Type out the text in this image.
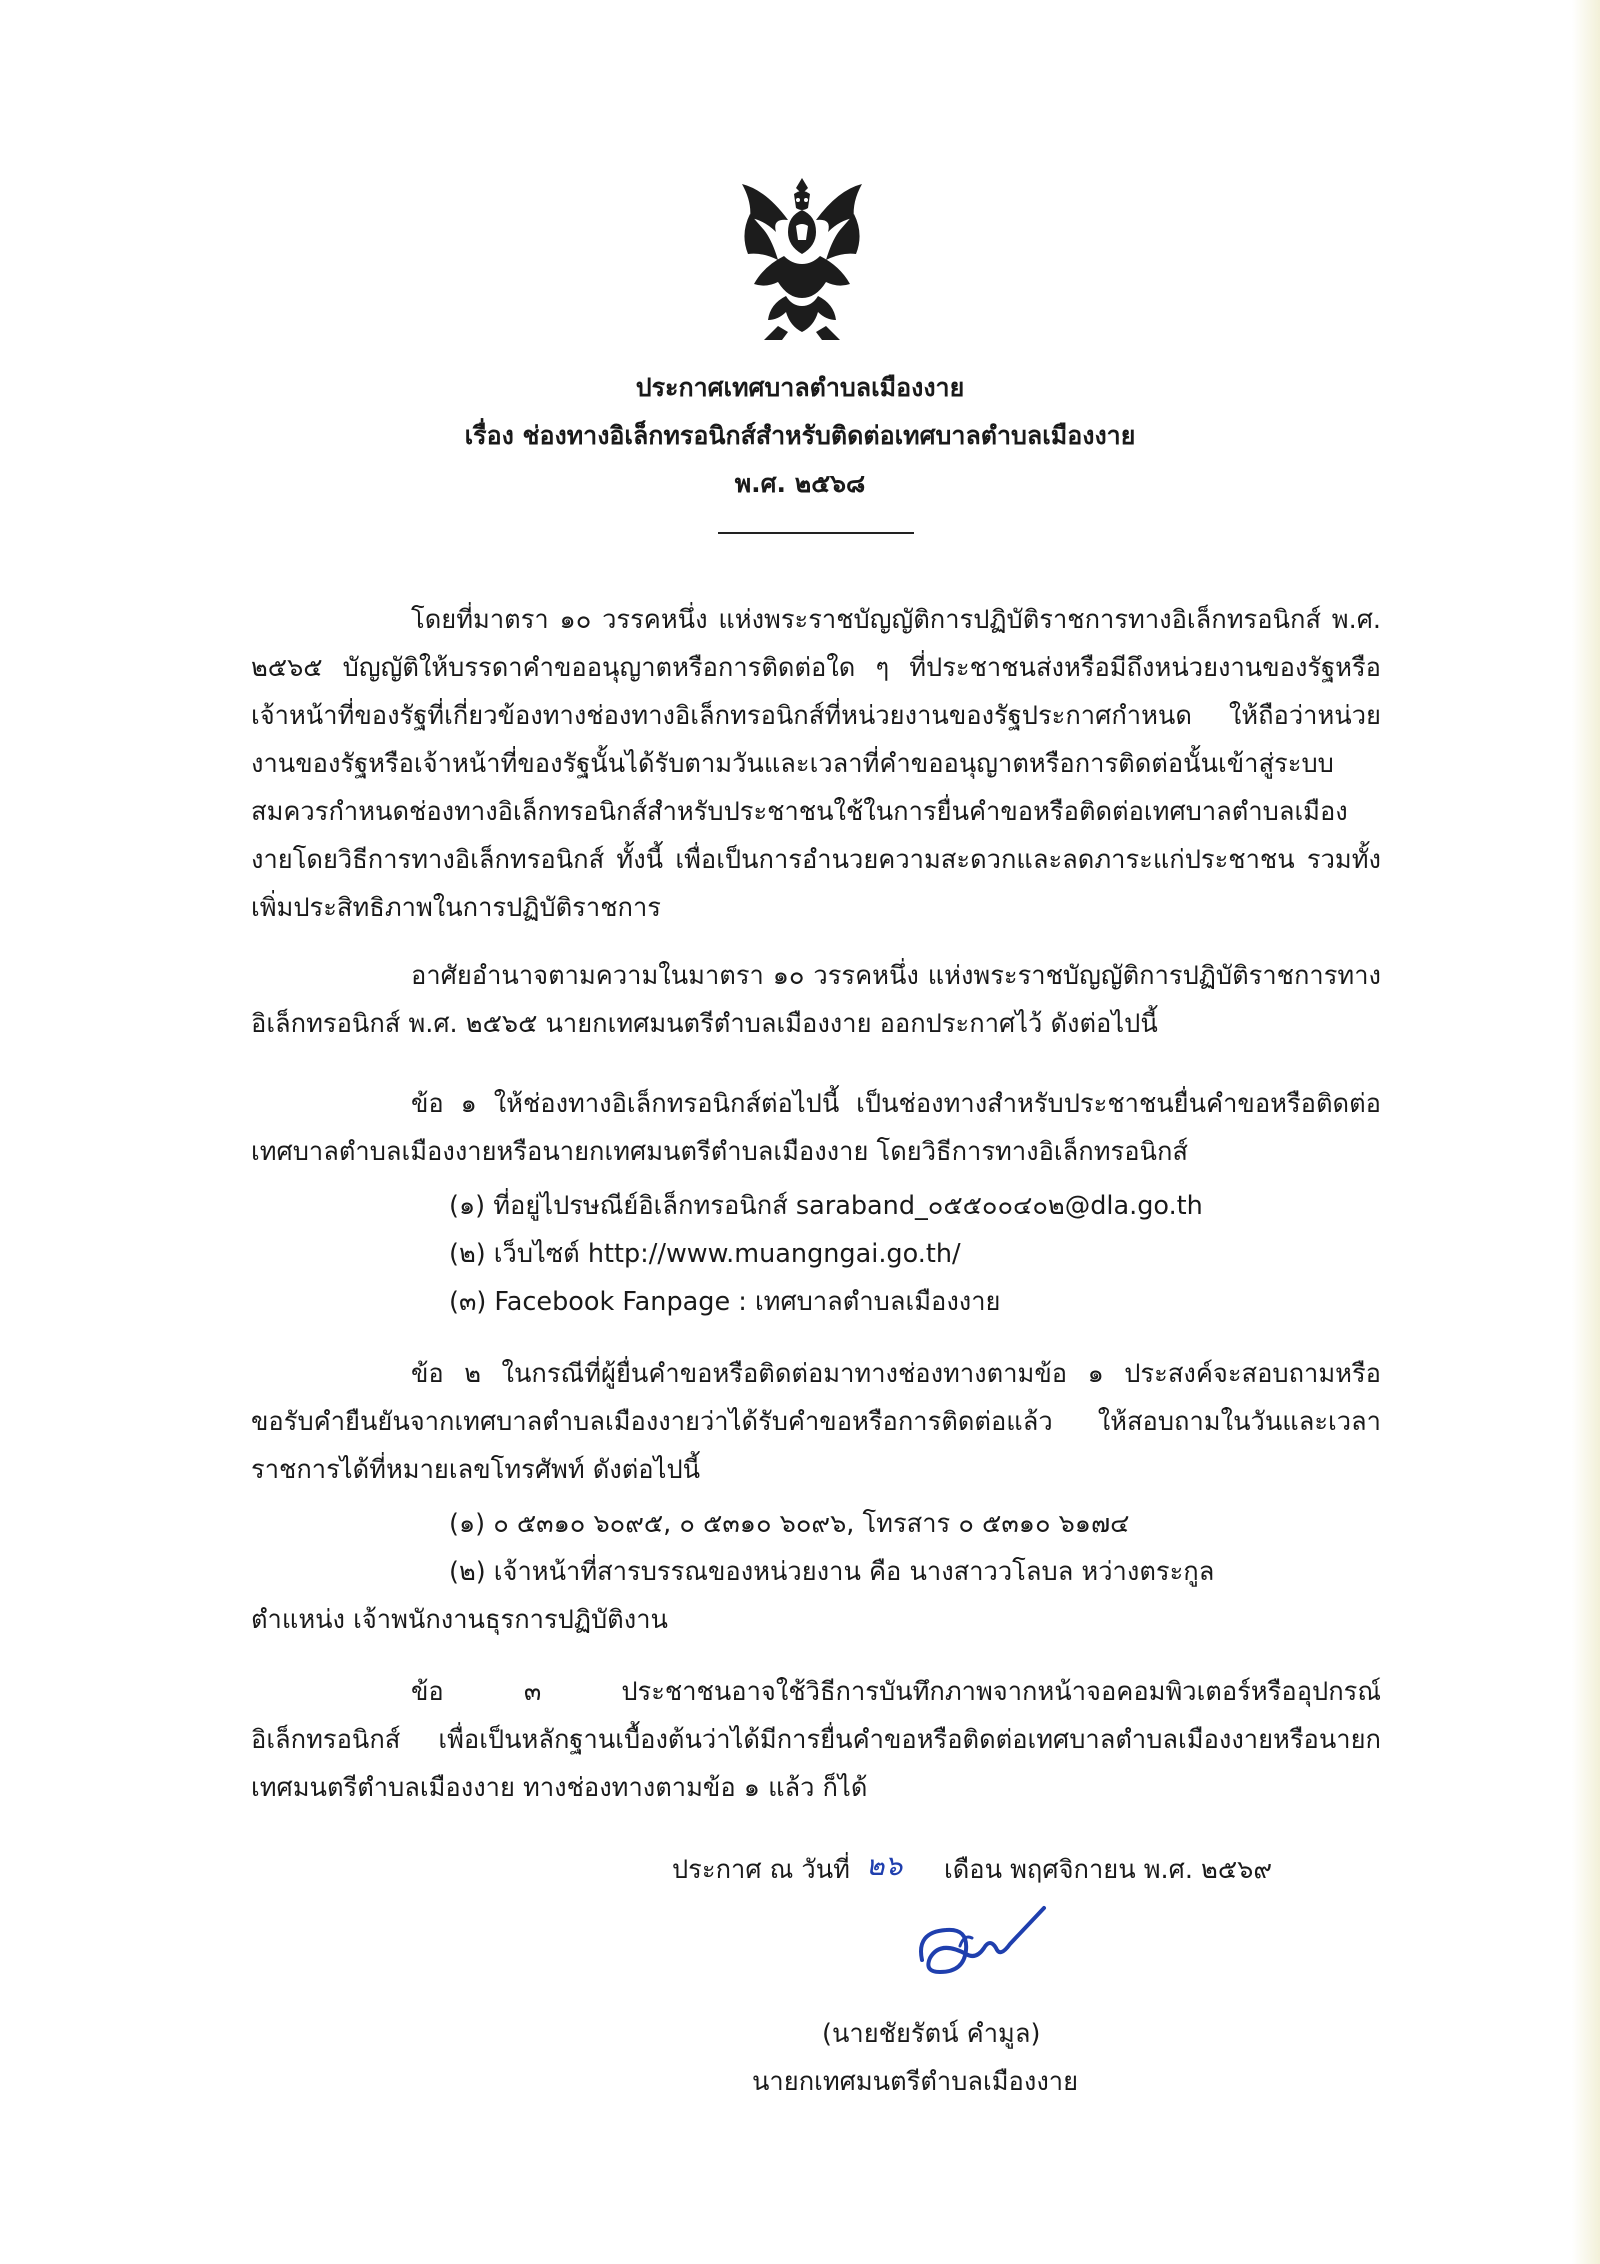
ประกาศเทศบาลตำบลเมืองงาย
เรื่อง ช่องทางอิเล็กทรอนิกส์สำหรับติดต่อเทศบาลตำบลเมืองงาย
พ.ศ. ๒๕๖๘
โดยที่มาตรา ๑๐ วรรคหนึ่ง แห่งพระราชบัญญัติการปฏิบัติราชการทางอิเล็กทรอนิกส์ พ.ศ. ๒๕๖๕ บัญญัติให้บรรดาคำขออนุญาตหรือการติดต่อใด ๆ ที่ประชาชนส่งหรือมีถึงหน่วยงานของรัฐหรือเจ้าหน้าที่ของรัฐที่เกี่ยวข้องทางช่องทางอิเล็กทรอนิกส์ที่หน่วยงานของรัฐประกาศกำหนด ให้ถือว่าหน่วยงานของรัฐหรือเจ้าหน้าที่ของรัฐนั้นได้รับตามวันและเวลาที่คำขออนุญาตหรือการติดต่อนั้นเข้าสู่ระบบ สมควรกำหนดช่องทางอิเล็กทรอนิกส์สำหรับประชาชนใช้ในการยื่นคำขอหรือติดต่อเทศบาลตำบลเมืองงายโดยวิธีการทางอิเล็กทรอนิกส์ ทั้งนี้ เพื่อเป็นการอำนวยความสะดวกและลดภาระแก่ประชาชน รวมทั้งเพิ่มประสิทธิภาพในการปฏิบัติราชการ
อาศัยอำนาจตามความในมาตรา ๑๐ วรรคหนึ่ง แห่งพระราชบัญญัติการปฏิบัติราชการทางอิเล็กทรอนิกส์ พ.ศ. ๒๕๖๕ นายกเทศมนตรีตำบลเมืองงาย ออกประกาศไว้ ดังต่อไปนี้
ข้อ ๑ ให้ช่องทางอิเล็กทรอนิกส์ต่อไปนี้ เป็นช่องทางสำหรับประชาชนยื่นคำขอหรือติดต่อเทศบาลตำบลเมืองงายหรือนายกเทศมนตรีตำบลเมืองงาย โดยวิธีการทางอิเล็กทรอนิกส์
(๑) ที่อยู่ไปรษณีย์อิเล็กทรอนิกส์ saraband_๐๕๕๐๐๔๐๒@dla.go.th
(๒) เว็บไซต์ http://www.muangngai.go.th/
(๓) Facebook Fanpage : เทศบาลตำบลเมืองงาย
ข้อ ๒ ในกรณีที่ผู้ยื่นคำขอหรือติดต่อมาทางช่องทางตามข้อ ๑ ประสงค์จะสอบถามหรือขอรับคำยืนยันจากเทศบาลตำบลเมืองงายว่าได้รับคำขอหรือการติดต่อแล้ว ให้สอบถามในวันและเวลาราชการได้ที่หมายเลขโทรศัพท์ ดังต่อไปนี้
(๑) ๐ ๕๓๑๐ ๖๐๙๕, ๐ ๕๓๑๐ ๖๐๙๖, โทรสาร ๐ ๕๓๑๐ ๖๑๗๔
(๒) เจ้าหน้าที่สารบรรณของหน่วยงาน คือ นางสาววโลบล หว่างตระกูล
ตำแหน่ง เจ้าพนักงานธุรการปฏิบัติงาน
ข้อ ๓ ประชาชนอาจใช้วิธีการบันทึกภาพจากหน้าจอคอมพิวเตอร์หรืออุปกรณ์อิเล็กทรอนิกส์ เพื่อเป็นหลักฐานเบื้องต้นว่าได้มีการยื่นคำขอหรือติดต่อเทศบาลตำบลเมืองงายหรือนายกเทศมนตรีตำบลเมืองงาย ทางช่องทางตามข้อ ๑ แล้ว ก็ได้
ประกาศ ณ วันที่ ๒๖ เดือน พฤศจิกายน พ.ศ. ๒๕๖๙
(นายชัยรัตน์ คำมูล)
นายกเทศมนตรีตำบลเมืองงาย
